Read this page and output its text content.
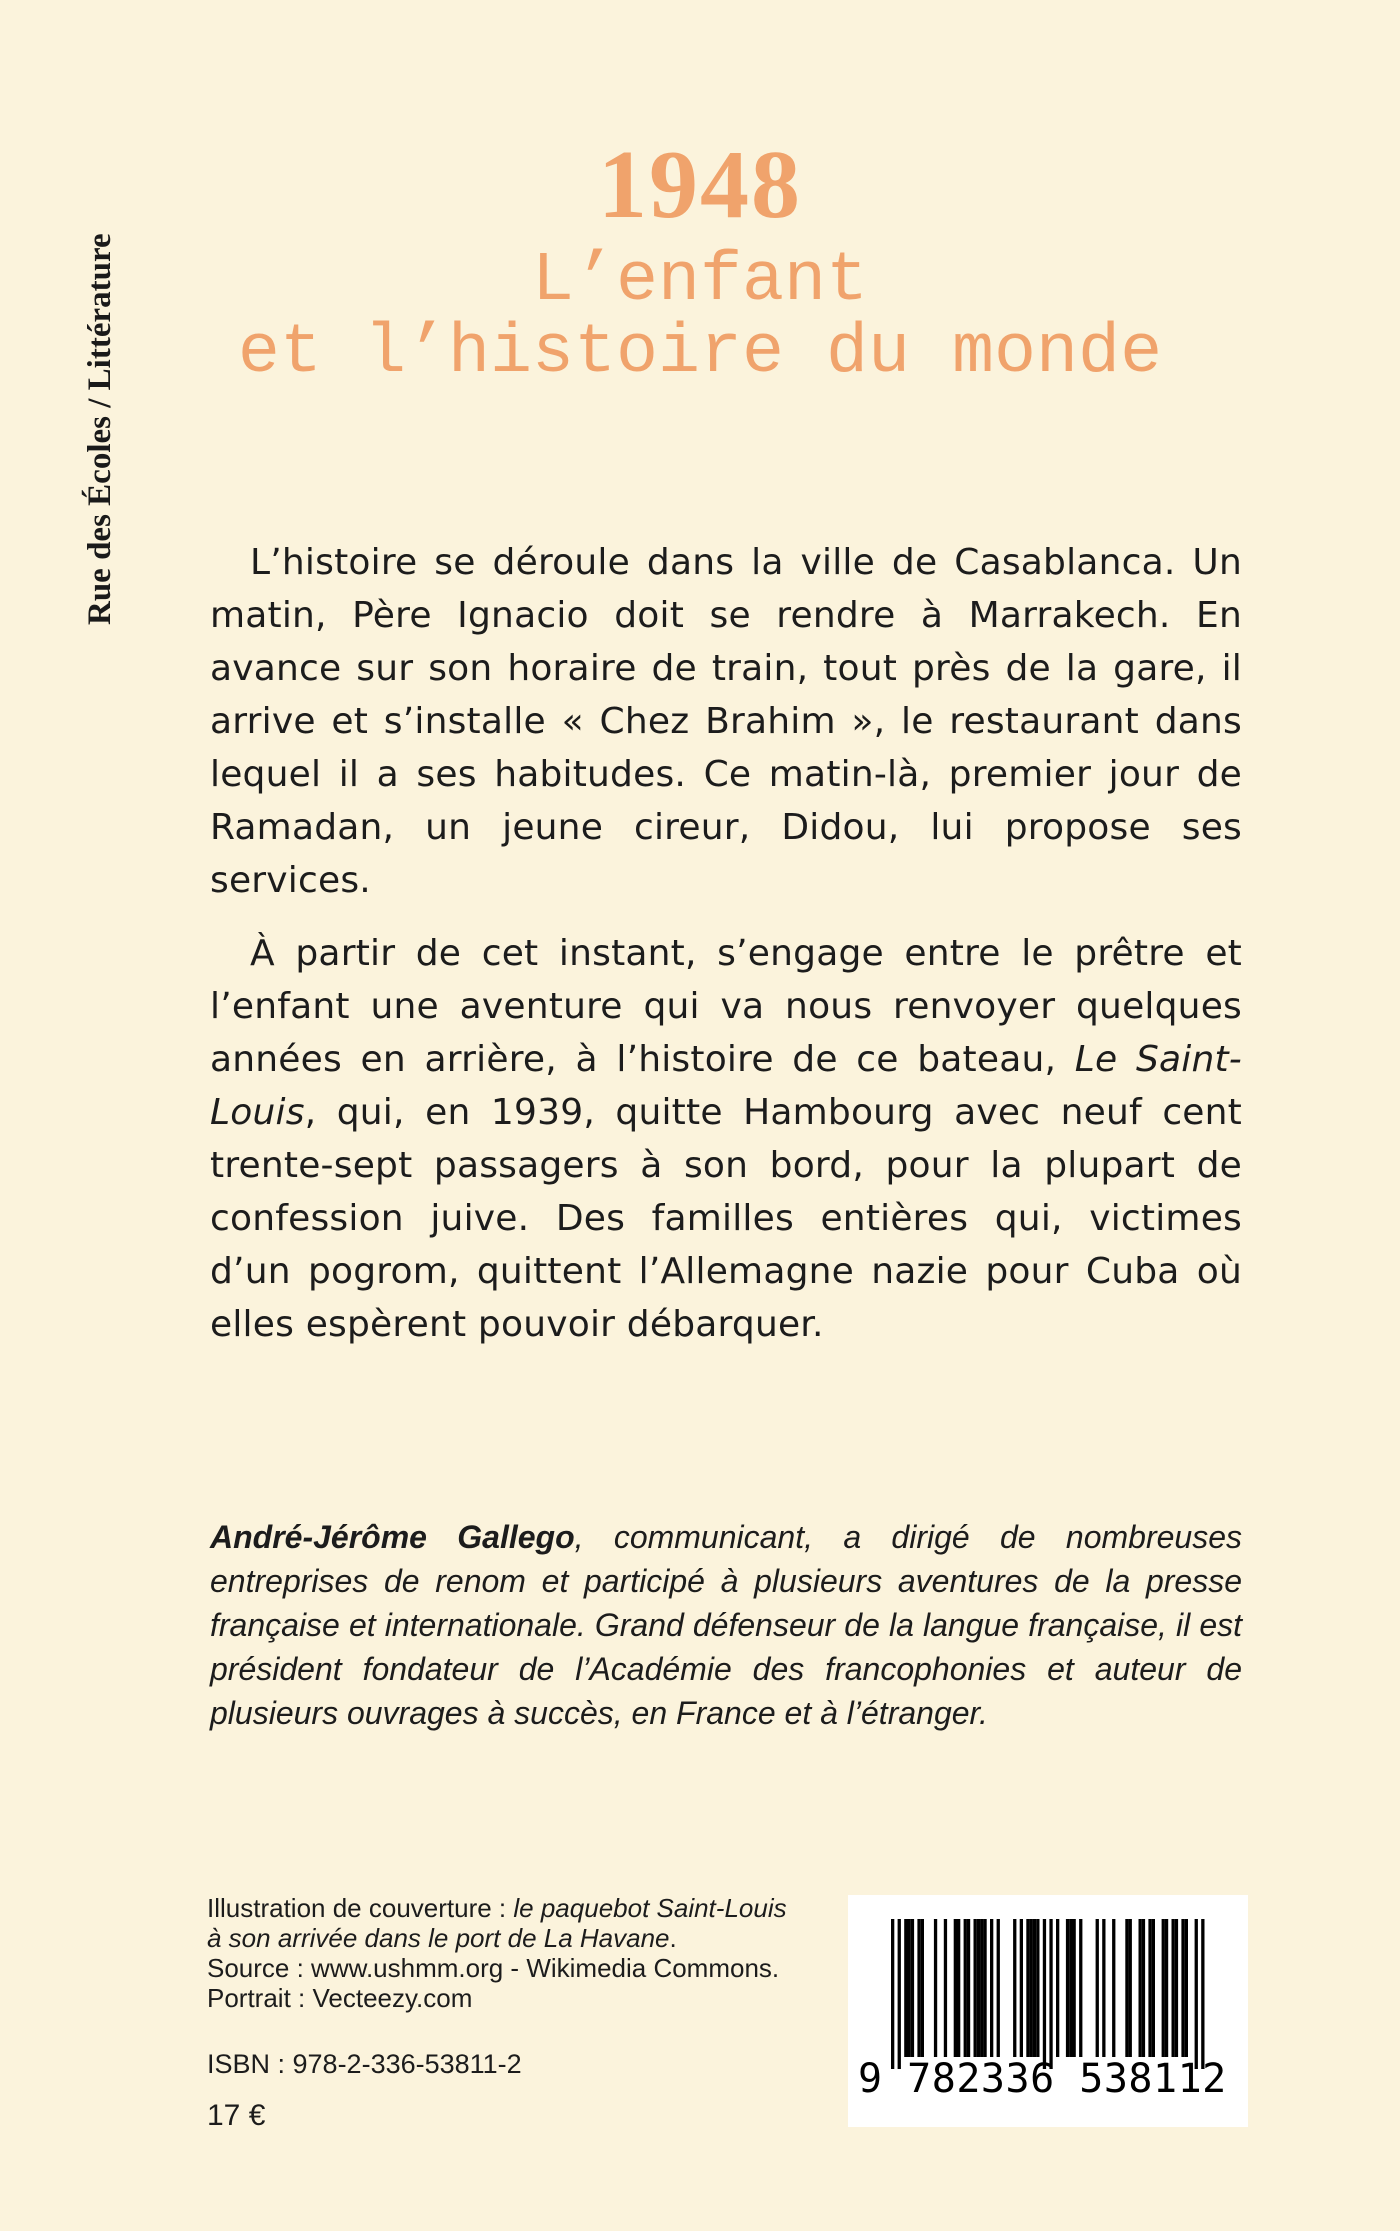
Rue des Écoles / Littérature
1948
L’enfant
et l’histoire du monde

L’histoire se déroule dans la ville de Casablanca. Un matin, Père Ignacio doit se rendre à Marrakech. En avance sur son horaire de train, tout près de la gare, il arrive et s’installe « Chez Brahim », le restaurant dans lequel il a ses habitudes. Ce matin-là, premier jour de Ramadan, un jeune cireur, Didou, lui propose ses services.

À partir de cet instant, s’engage entre le prêtre et l’enfant une aventure qui va nous renvoyer quelques années en arrière, à l’histoire de ce bateau, Le Saint-Louis, qui, en 1939, quitte Hambourg avec neuf cent trente-sept passagers à son bord, pour la plupart de confession juive. Des familles entières qui, victimes d’un pogrom, quittent l’Allemagne nazie pour Cuba où elles espèrent pouvoir débarquer.

André-Jérôme Gallego, communicant, a dirigé de nombreuses entreprises de renom et participé à plusieurs aventures de la presse française et internationale. Grand défenseur de la langue française, il est président fondateur de l’Académie des francophonies et auteur de plusieurs ouvrages à succès, en France et à l’étranger.
Illustration de couverture : le paquebot Saint-Louis à son arrivée dans le port de La Havane.
Source : www.ushmm.org - Wikimedia Commons.
Portrait : Vecteezy.com
ISBN : 978-2-336-53811-2
17 €
9 782336 538112
